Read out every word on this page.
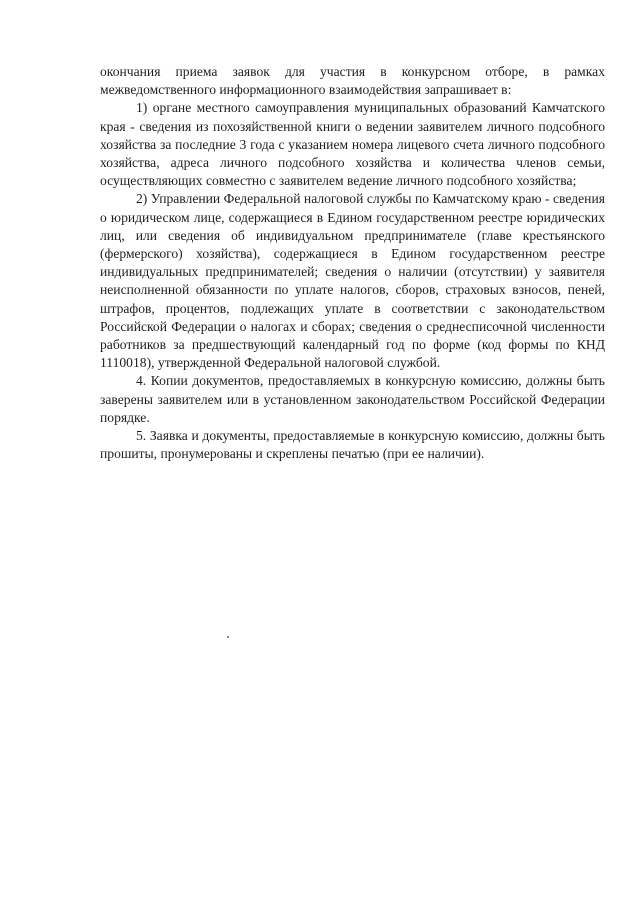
окончания приема заявок для участия в конкурсном отборе, в рамках межведомственного информационного взаимодействия запрашивает в:

1) органе местного самоуправления муниципальных образований Камчатского края - сведения из похозяйственной книги о ведении заявителем личного подсобного хозяйства за последние 3 года с указанием номера лицевого счета личного подсобного хозяйства, адреса личного подсобного хозяйства и количества членов семьи, осуществляющих совместно с заявителем ведение личного подсобного хозяйства;

2) Управлении Федеральной налоговой службы по Камчатскому краю - сведения о юридическом лице, содержащиеся в Едином государственном реестре юридических лиц, или сведения об индивидуальном предпринимателе (главе крестьянского (фермерского) хозяйства), содержащиеся в Едином государственном реестре индивидуальных предпринимателей; сведения о наличии (отсутствии) у заявителя неисполненной обязанности по уплате налогов, сборов, страховых взносов, пеней, штрафов, процентов, подлежащих уплате в соответствии с законодательством Российской Федерации о налогах и сборах; сведения о среднесписочной численности работников за предшествующий календарный год по форме (код формы по КНД 1110018), утвержденной Федеральной налоговой службой.

4. Копии документов, предоставляемых в конкурсную комиссию, должны быть заверены заявителем или в установленном законодательством Российской Федерации порядке.

5. Заявка и документы, предоставляемые в конкурсную комиссию, должны быть прошиты, пронумерованы и скреплены печатью (при ее наличии).
